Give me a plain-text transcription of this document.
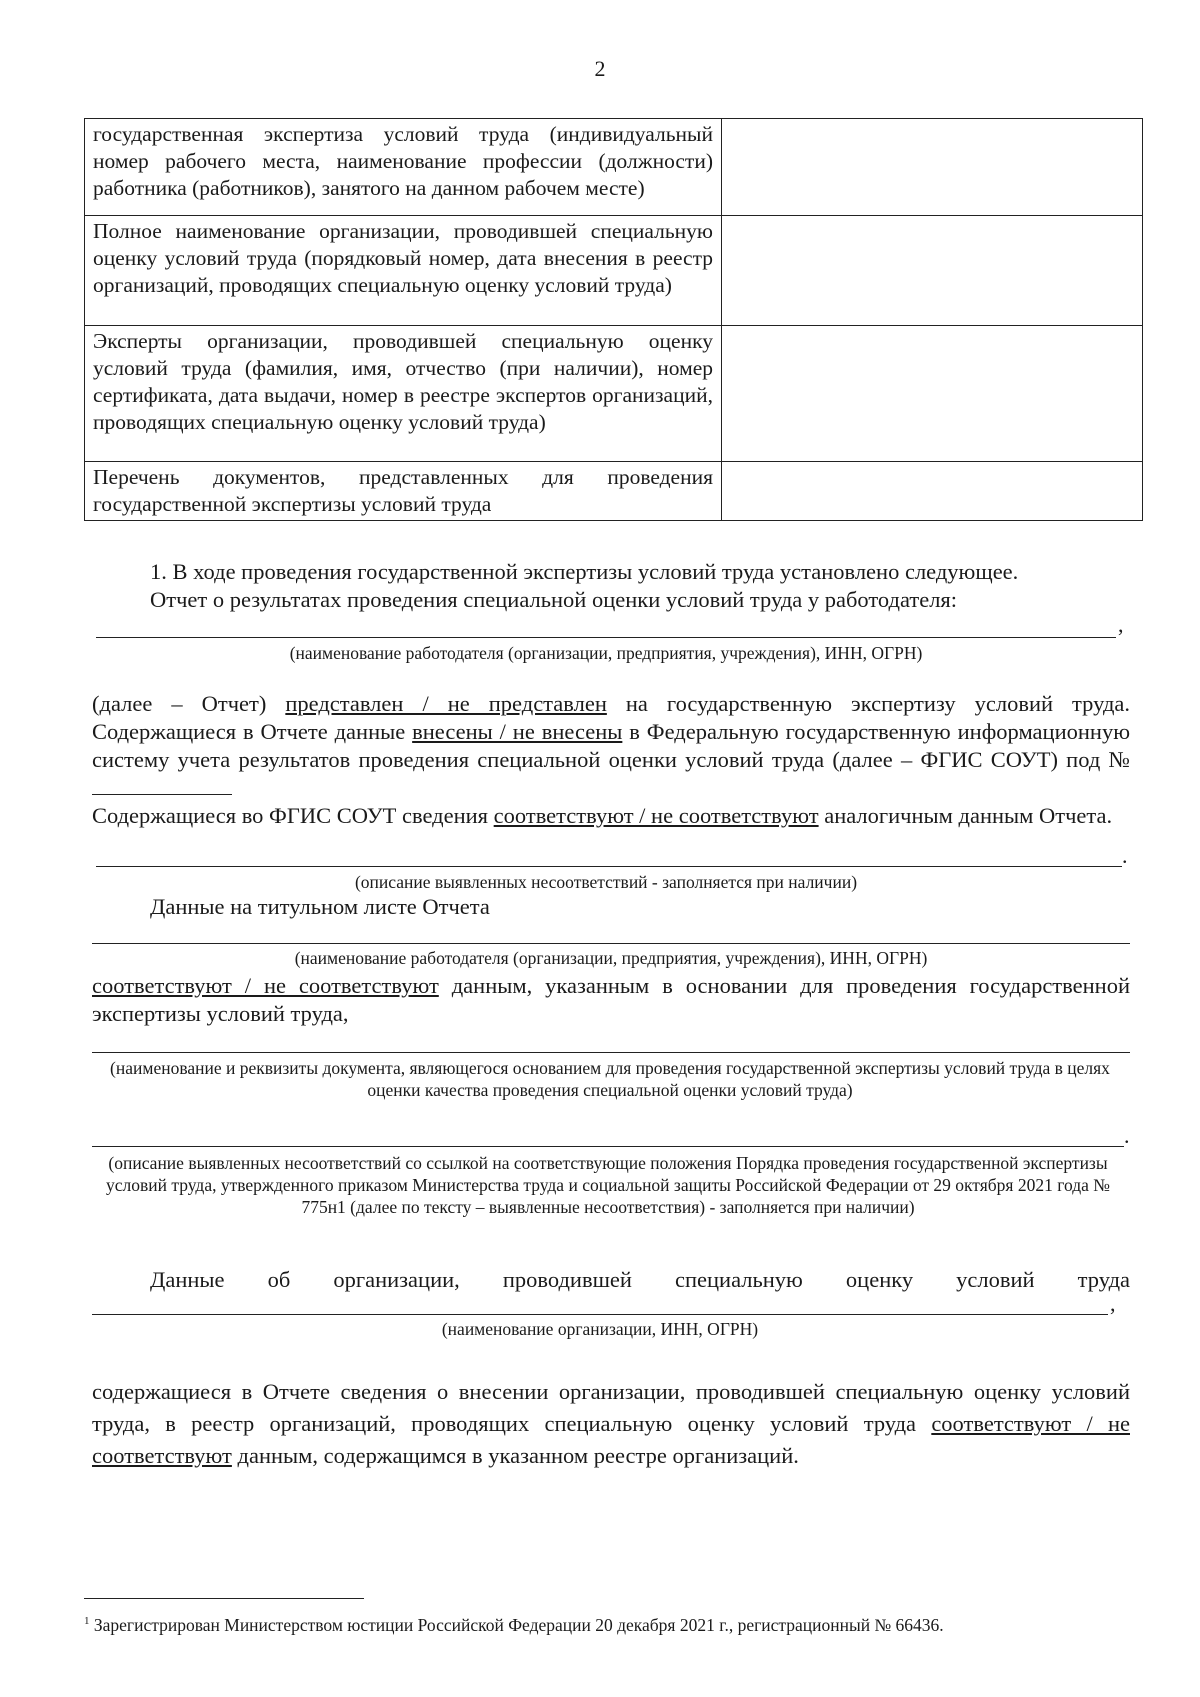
2
государственная экспертиза условий труда (индивидуальный номер рабочего места, наименование профессии (должности) работника (работников), занятого на данном рабочем месте)	
Полное наименование организации, проводившей специальную оценку условий труда (порядковый номер, дата внесения в реестр организаций, проводящих специальную оценку условий труда)	
Эксперты организации, проводившей специальную оценку условий труда (фамилия, имя, отчество (при наличии), номер сертификата, дата выдачи, номер в реестре экспертов организаций, проводящих специальную оценку условий труда)	
Перечень документов, представленных для проведения государственной экспертизы условий труда	
1. В ходе проведения государственной экспертизы условий труда установлено следующее.
Отчет о результатах проведения специальной оценки условий труда у работодателя:
,
(наименование работодателя (организации, предприятия, учреждения), ИНН, ОГРН)
(далее – Отчет) представлен / не представлен на государственную экспертизу условий труда. Содержащиеся в Отчете данные внесены / не внесены в Федеральную государственную информационную систему учета результатов проведения специальной оценки условий труда (далее – ФГИС СОУТ) под №
Содержащиеся во ФГИС СОУТ сведения соответствуют / не соответствуют аналогичным данным Отчета.
.
(описание выявленных несоответствий - заполняется при наличии)
Данные на титульном листе Отчета
(наименование работодателя (организации, предприятия, учреждения), ИНН, ОГРН)
соответствуют / не соответствуют данным, указанным в основании для проведения государственной экспертизы условий труда,
(наименование и реквизиты документа, являющегося основанием для проведения государственной экспертизы условий труда в целях оценки качества проведения специальной оценки условий труда)
.
(описание выявленных несоответствий со ссылкой на соответствующие положения Порядка проведения государственной экспертизы условий труда, утвержденного приказом Министерства труда и социальной защиты Российской Федерации от 29 октября 2021 года № 775н1 (далее по тексту – выявленные несоответствия) - заполняется при наличии)
Данные об организации, проводившей специальную оценку условий труда
,
(наименование организации, ИНН, ОГРН)
содержащиеся в Отчете сведения о внесении организации, проводившей специальную оценку условий труда, в реестр организаций, проводящих специальную оценку условий труда соответствуют / не соответствуют данным, содержащимся в указанном реестре организаций.
$^1$ Зарегистрирован Министерством юстиции Российской Федерации 20 декабря 2021 г., регистрационный № 66436.
